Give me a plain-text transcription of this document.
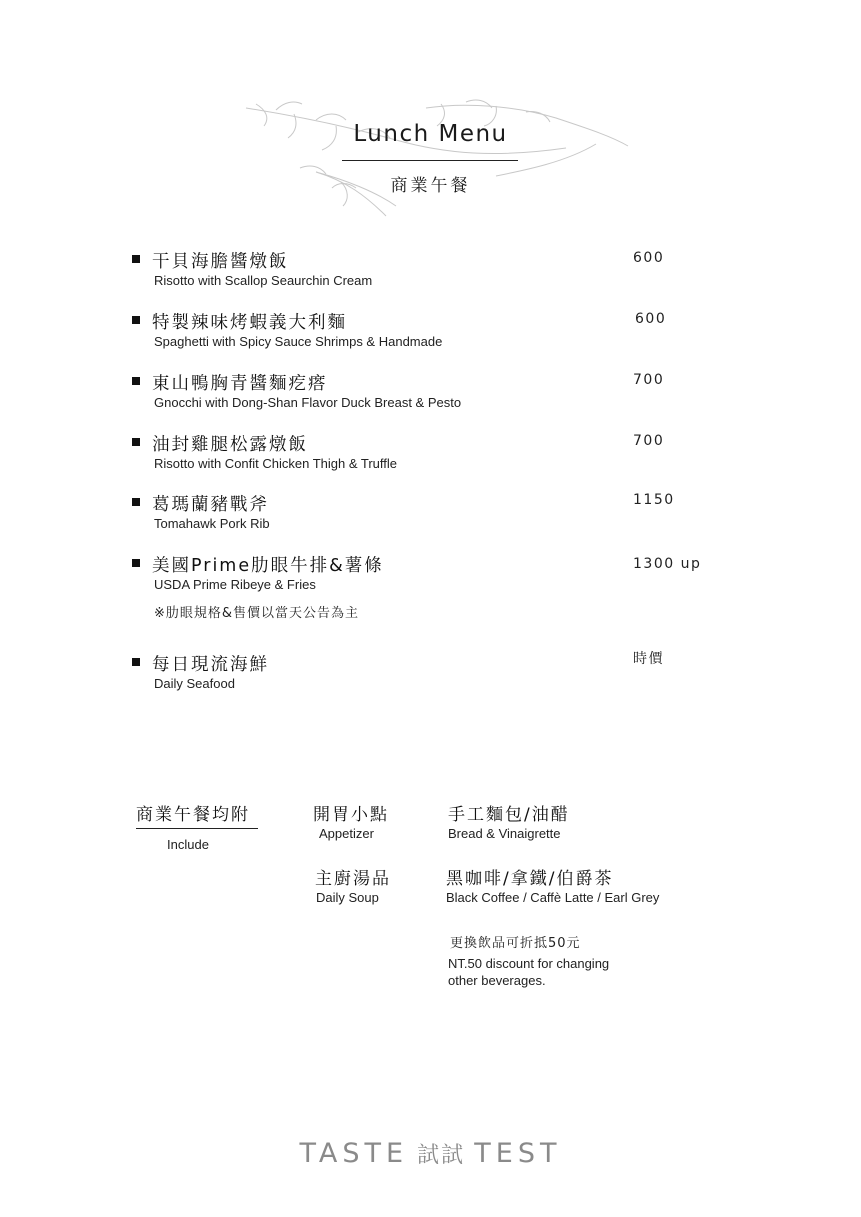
Lunch Menu
商業午餐
干貝海膽醬燉飯
Risotto with Scallop Seaurchin Cream
600
特製辣味烤蝦義大利麵
Spaghetti with Spicy Sauce Shrimps & Handmade
600
東山鴨胸青醬麵疙瘩
Gnocchi with Dong-Shan Flavor Duck Breast & Pesto
700
油封雞腿松露燉飯
Risotto with Confit Chicken Thigh & Truffle
700
葛瑪蘭豬戰斧
Tomahawk Pork Rib
1150
美國Prime肋眼牛排&薯條
USDA Prime Ribeye & Fries
※肋眼規格&售價以當天公告為主
1300 up
每日現流海鮮
Daily Seafood
時價
商業午餐均附
Include
開胃小點
Appetizer
手工麵包/油醋
Bread & Vinaigrette
主廚湯品
Daily Soup
黑咖啡/拿鐵/伯爵茶
Black Coffee / Caffè Latte / Earl Grey
更換飲品可折抵50元
NT.50 discount for changing
other beverages.
TASTE 試試 TEST
